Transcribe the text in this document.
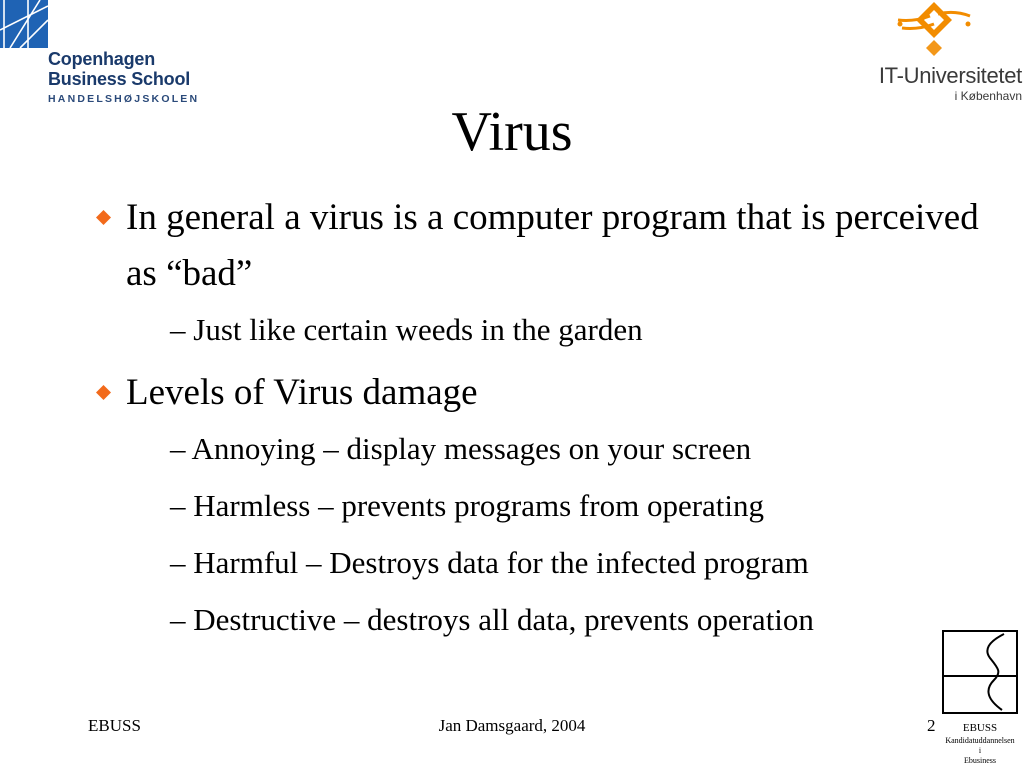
Copenhagen
Business School
HANDELSHØJSKOLEN
IT-Universitetet
i København
Virus
In general a virus is a computer program that is perceived as “bad”
– Just like certain weeds in the garden
Levels of Virus damage
– Annoying – display messages on your screen
– Harmless – prevents programs from operating
– Harmful – Destroys data for the infected program
– Destructive – destroys all data, prevents operation
EBUSS	Jan Damsgaard, 2004	2	EBUSS
Kandidatuddannelsen
i
Ebusiness
